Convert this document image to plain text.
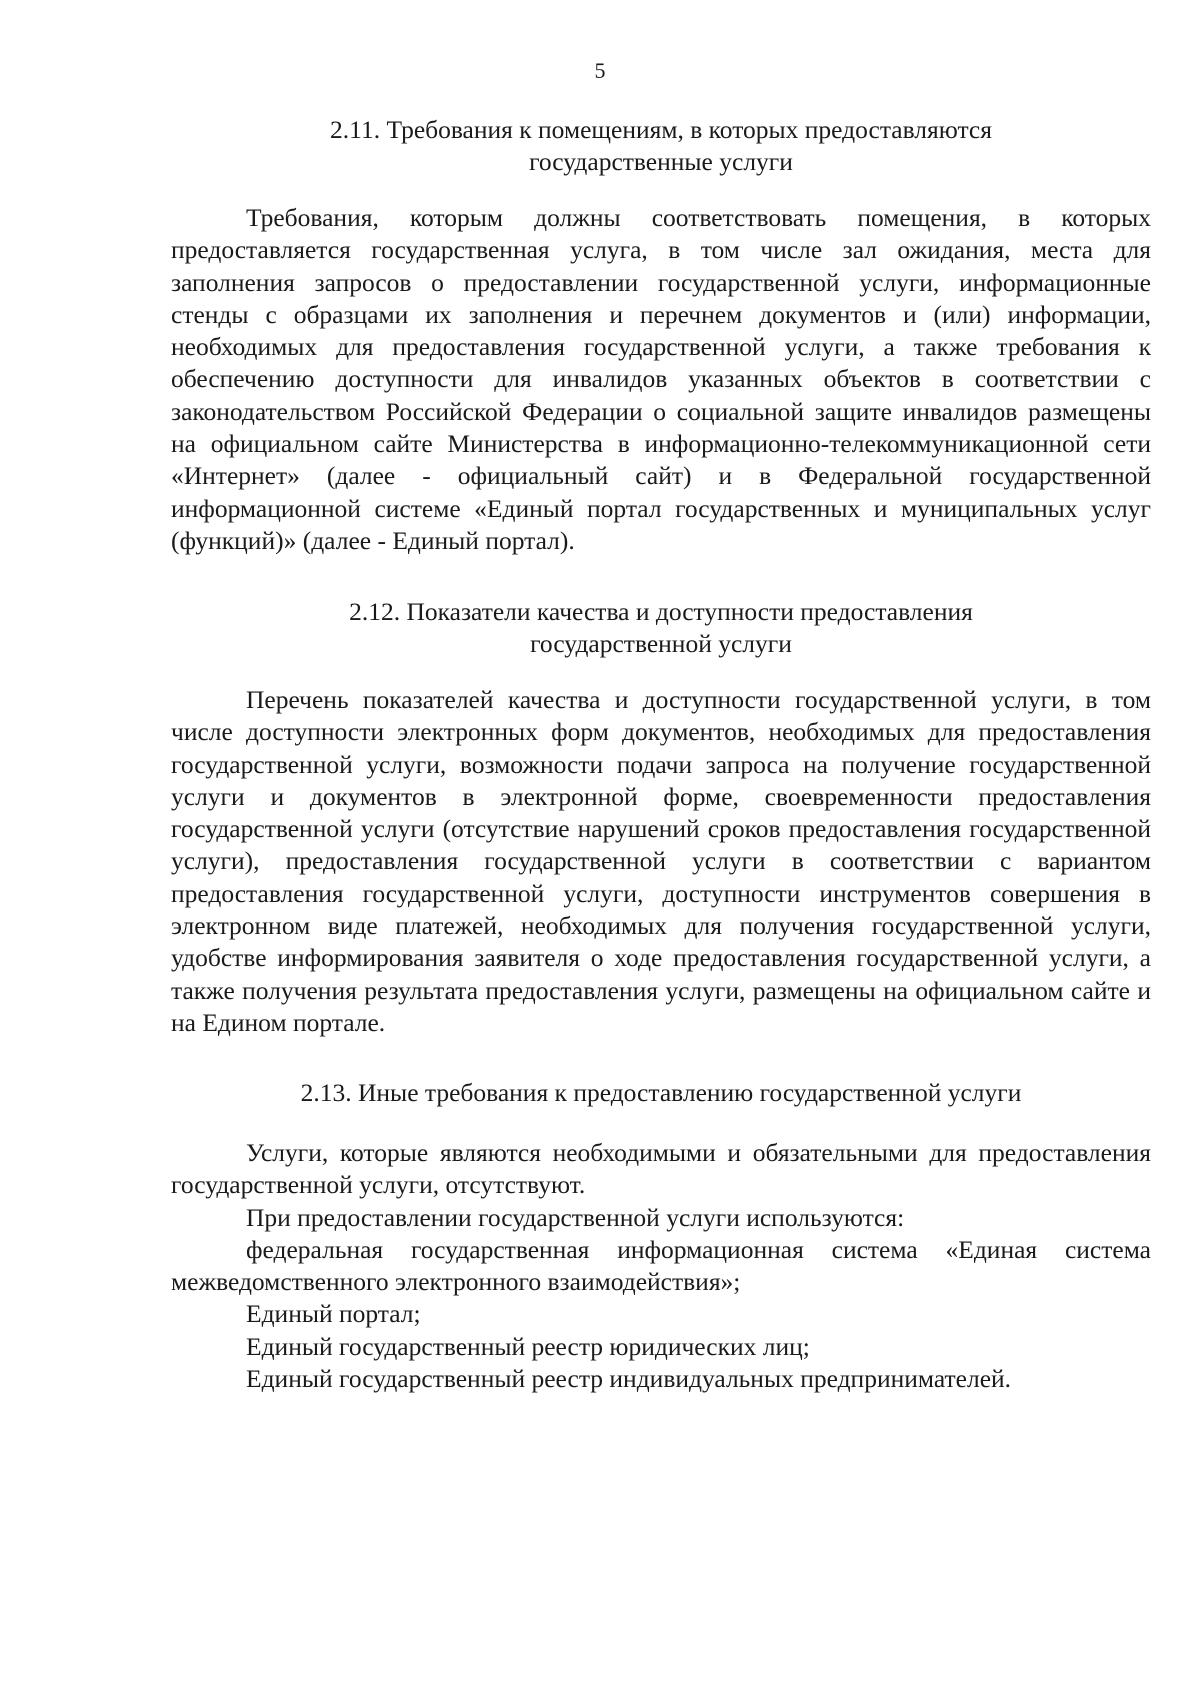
5
2.11. Требования к помещениям, в которых предоставляются
государственные услуги

Требования, которым должны соответствовать помещения, в которых предоставляется государственная услуга, в том числе зал ожидания, места для заполнения запросов о предоставлении государственной услуги, информационные стенды с образцами их заполнения и перечнем документов и (или) информации, необходимых для предоставления государственной услуги, а также требования к обеспечению доступности для инвалидов указанных объектов в соответствии с законодательством Российской Федерации о социальной защите инвалидов размещены на официальном сайте Министерства в информационно-телекоммуникационной сети «Интернет» (далее - официальный сайт) и в Федеральной государственной информационной системе «Единый портал государственных и муниципальных услуг (функций)» (далее - Единый портал).

2.12. Показатели качества и доступности предоставления
государственной услуги

Перечень показателей качества и доступности государственной услуги, в том числе доступности электронных форм документов, необходимых для предоставления государственной услуги, возможности подачи запроса на получение государственной услуги и документов в электронной форме, своевременности предоставления государственной услуги (отсутствие нарушений сроков предоставления государственной услуги), предоставления государственной услуги в соответствии с вариантом предоставления государственной услуги, доступности инструментов совершения в электронном виде платежей, необходимых для получения государственной услуги, удобстве информирования заявителя о ходе предоставления государственной услуги, а также получения результата предоставления услуги, размещены на официальном сайте и на Едином портале.

2.13. Иные требования к предоставлению государственной услуги

Услуги, которые являются необходимыми и обязательными для предоставления государственной услуги, отсутствуют.

При предоставлении государственной услуги используются:

федеральная государственная информационная система «Единая система межведомственного электронного взаимодействия»;

Единый портал;

Единый государственный реестр юридических лиц;

Единый государственный реестр индивидуальных предпринимателей.
